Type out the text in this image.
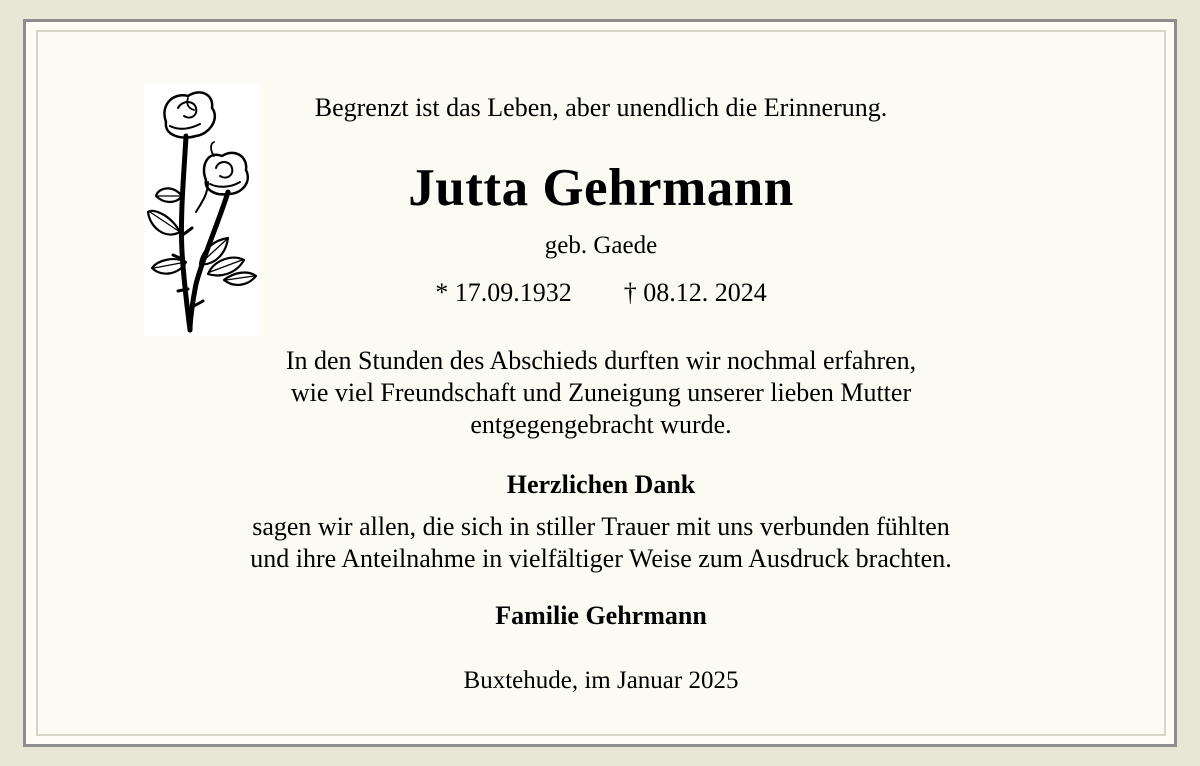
Begrenzt ist das Leben, aber unendlich die Erinnerung.
Jutta Gehrmann
geb. Gaede
* 17.09.1932 † 08.12. 2024
In den Stunden des Abschieds durften wir nochmal erfahren,
wie viel Freundschaft und Zuneigung unserer lieben Mutter
entgegengebracht wurde.
Herzlichen Dank
sagen wir allen, die sich in stiller Trauer mit uns verbunden fühlten
und ihre Anteilnahme in vielfältiger Weise zum Ausdruck brachten.
Familie Gehrmann
Buxtehude, im Januar 2025
